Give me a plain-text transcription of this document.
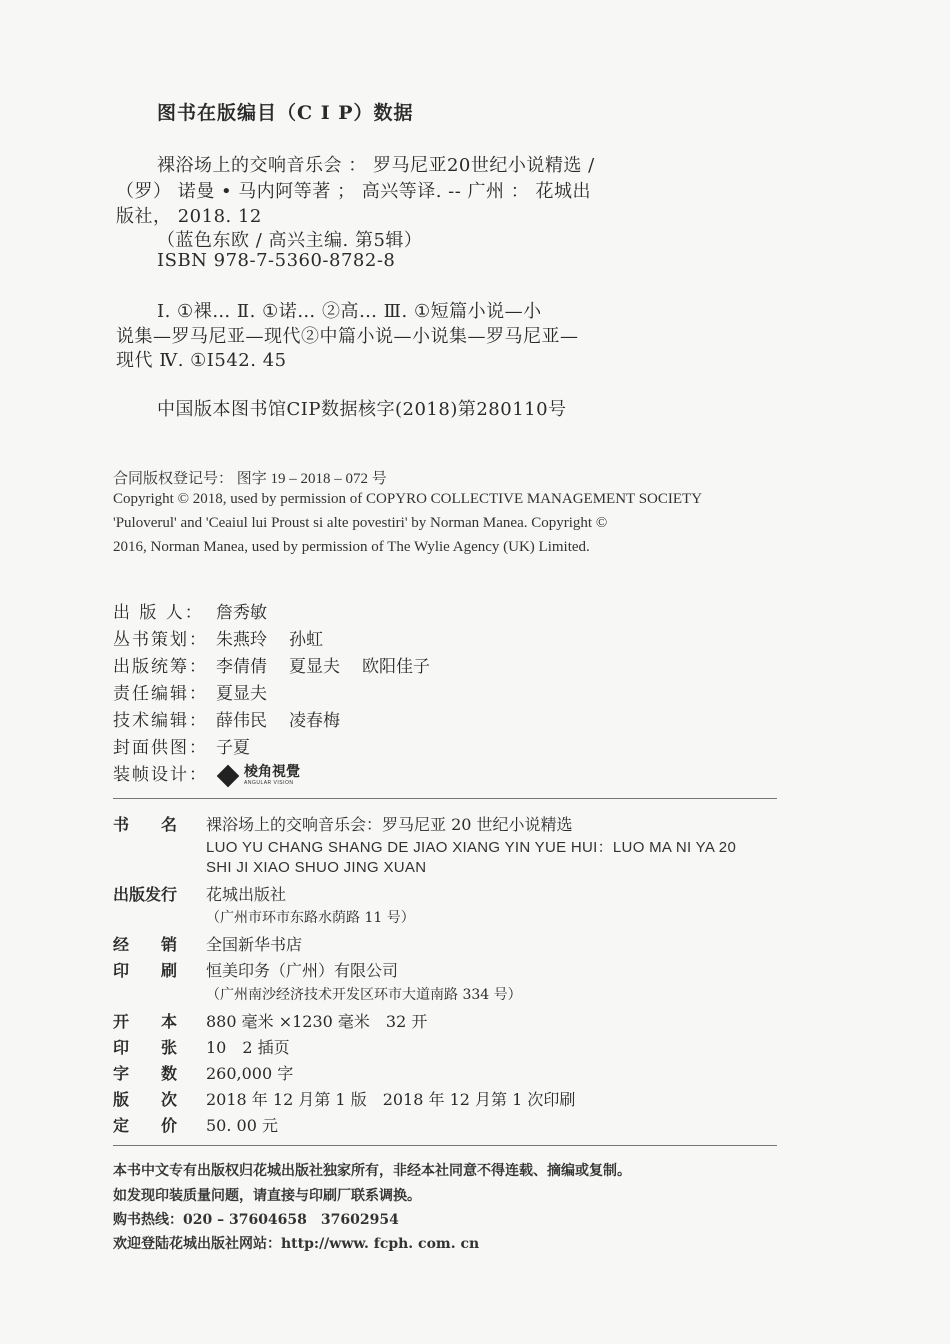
图书在版编目（C I P）数据
裸浴场上的交响音乐会 ： 罗马尼亚20世纪小说精选 /
（罗） 诺曼 • 马内阿等著 ； 高兴等译. -- 广州 ： 花城出
版社， 2018. 12
（蓝色东欧 / 高兴主编. 第5辑）
ISBN 978-7-5360-8782-8
Ⅰ. ①裸… Ⅱ. ①诺… ②高… Ⅲ. ①短篇小说—小
说集—罗马尼亚—现代②中篇小说—小说集—罗马尼亚—
现代 Ⅳ. ①I542. 45
中国版本图书馆CIP数据核字(2018)第280110号
合同版权登记号： 图字 19 – 2018 – 072 号
Copyright © 2018, used by permission of COPYRO COLLECTIVE MANAGEMENT SOCIETY
'Puloverul' and 'Ceaiul lui Proust si alte povestiri' by Norman Manea. Copyright ©
2016, Norman Manea, used by permission of The Wylie Agency (UK) Limited.
出 版 人： 詹秀敏
丛书策划： 朱燕玲 孙虹
出版统筹： 李倩倩 夏显夫 欧阳佳子
责任编辑： 夏显夫
技术编辑： 薛伟民 凌春梅
封面供图： 子夏
装帧设计：	棱角視覺
ANGULAR VISION
书　　名 裸浴场上的交响音乐会：罗马尼亚 20 世纪小说精选
LUO YU CHANG SHANG DE JIAO XIANG YIN YUE HUI：LUO MA NI YA 20
SHI JI XIAO SHUO JING XUAN
出版发行 花城出版社
（广州市环市东路水荫路 11 号）
经　　销 全国新华书店
印　　刷 恒美印务（广州）有限公司
（广州南沙经济技术开发区环市大道南路 334 号）
开　　本 880 毫米 ×1230 毫米　32 开
印　　张 10　2 插页
字　　数 260,000 字
版　　次 2018 年 12 月第 1 版　2018 年 12 月第 1 次印刷
定　　价 50. 00 元
本书中文专有出版权归花城出版社独家所有，非经本社同意不得连载、摘编或复制。
如发现印装质量问题，请直接与印刷厂联系调换。
购书热线：020 – 37604658　37602954
欢迎登陆花城出版社网站：http://www. fcph. com. cn
